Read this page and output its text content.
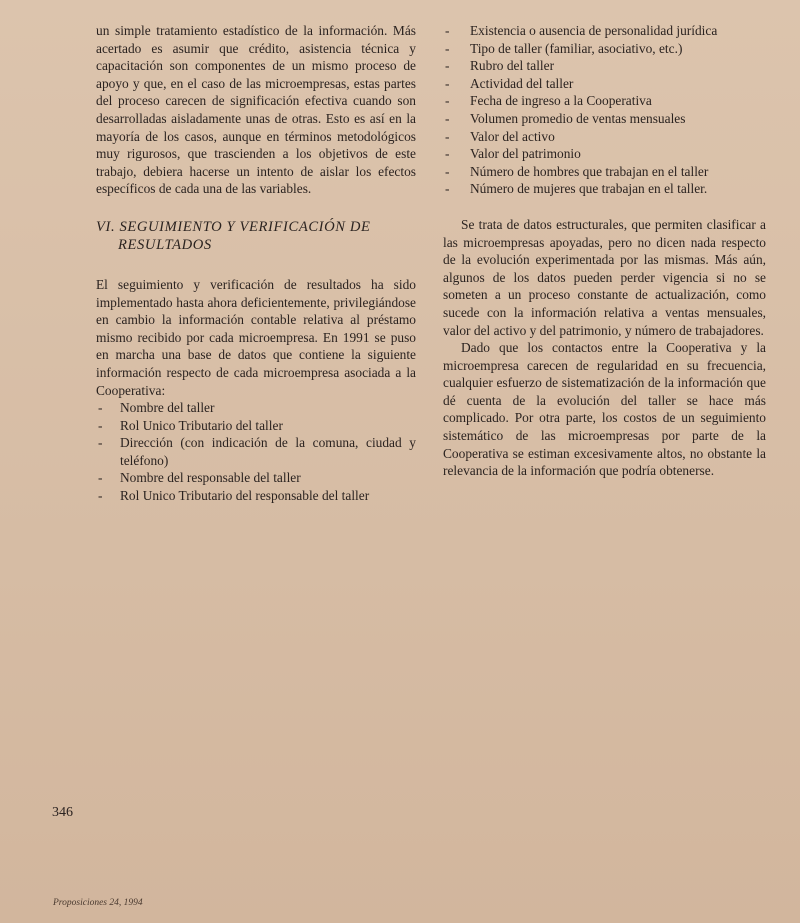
un simple tratamiento estadístico de la información. Más acertado es asumir que crédito, asistencia técnica y capacitación son componentes de un mismo proceso de apoyo y que, en el caso de las microempresas, estas partes del proceso carecen de significación efectiva cuando son desarrolladas aisladamente unas de otras. Esto es así en la mayoría de los casos, aunque en términos metodológicos muy rigurosos, que trascienden a los objetivos de este trabajo, debiera hacerse un intento de aislar los efectos específicos de cada una de las variables.

VI. SEGUIMIENTO Y VERIFICACIÓN DE
RESULTADOS

El seguimiento y verificación de resultados ha sido implementado hasta ahora deficientemente, privilegiándose en cambio la información contable relativa al préstamo mismo recibido por cada microempresa. En 1991 se puso en marcha una base de datos que contiene la siguiente información respecto de cada microempresa asociada a la Cooperativa:

- Nombre del taller
- Rol Unico Tributario del taller
- Dirección (con indicación de la comuna, ciudad y teléfono)
- Nombre del responsable del taller
- Rol Unico Tributario del responsable del taller
- Existencia o ausencia de personalidad jurídica
- Tipo de taller (familiar, asociativo, etc.)
- Rubro del taller
- Actividad del taller
- Fecha de ingreso a la Cooperativa
- Volumen promedio de ventas mensuales
- Valor del activo
- Valor del patrimonio
- Número de hombres que trabajan en el taller
- Número de mujeres que trabajan en el taller.

Se trata de datos estructurales, que permiten clasificar a las microempresas apoyadas, pero no dicen nada respecto de la evolución experimentada por las mismas. Más aún, algunos de los datos pueden perder vigencia si no se someten a un proceso constante de actualización, como sucede con la información relativa a ventas mensuales, valor del activo y del patrimonio, y número de trabajadores.

Dado que los contactos entre la Cooperativa y la microempresa carecen de regularidad en su frecuencia, cualquier esfuerzo de sistematización de la información que dé cuenta de la evolución del taller se hace más complicado. Por otra parte, los costos de un seguimiento sistemático de las microempresas por parte de la Cooperativa se estiman excesivamente altos, no obstante la relevancia de la información que podría obtenerse.

346
Proposiciones 24, 1994
